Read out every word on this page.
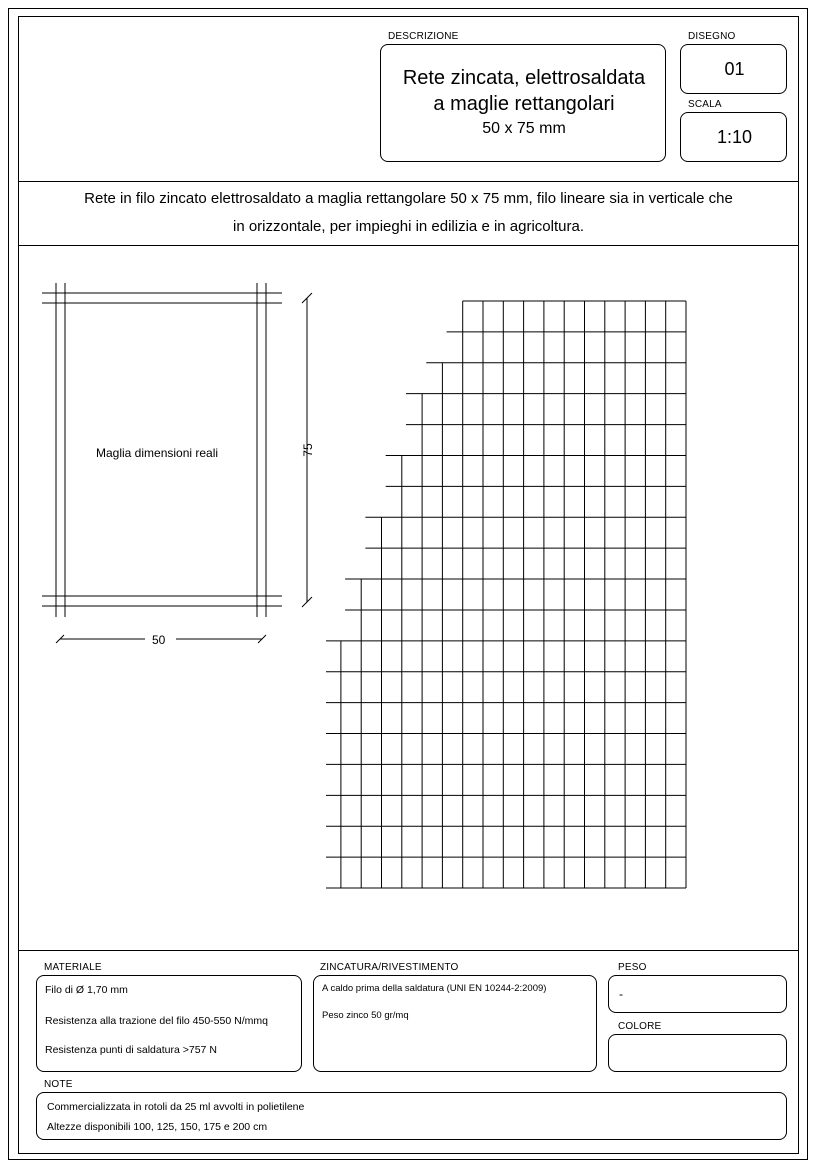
DESCRIZIONE
Rete zincata, elettrosaldata
a maglie rettangolari
50 x 75 mm
DISEGNO
01
SCALA
1:10
Rete in filo zincato elettrosaldato a maglia rettangolare 50 x 75 mm, filo lineare sia in verticale che
in orizzontale, per impieghi in edilizia e in agricoltura.
Maglia dimensioni reali	75
50
MATERIALE
Filo di Ø 1,70 mm
Resistenza alla trazione del filo 450-550 N/mmq
Resistenza punti di saldatura >757 N
ZINCATURA/RIVESTIMENTO
A caldo prima della saldatura (UNI EN 10244-2:2009)
Peso zinco 50 gr/mq
PESO
-
COLORE
NOTE
Commercializzata in rotoli da 25 ml avvolti in polietilene
Altezze disponibili 100, 125, 150, 175 e 200 cm
